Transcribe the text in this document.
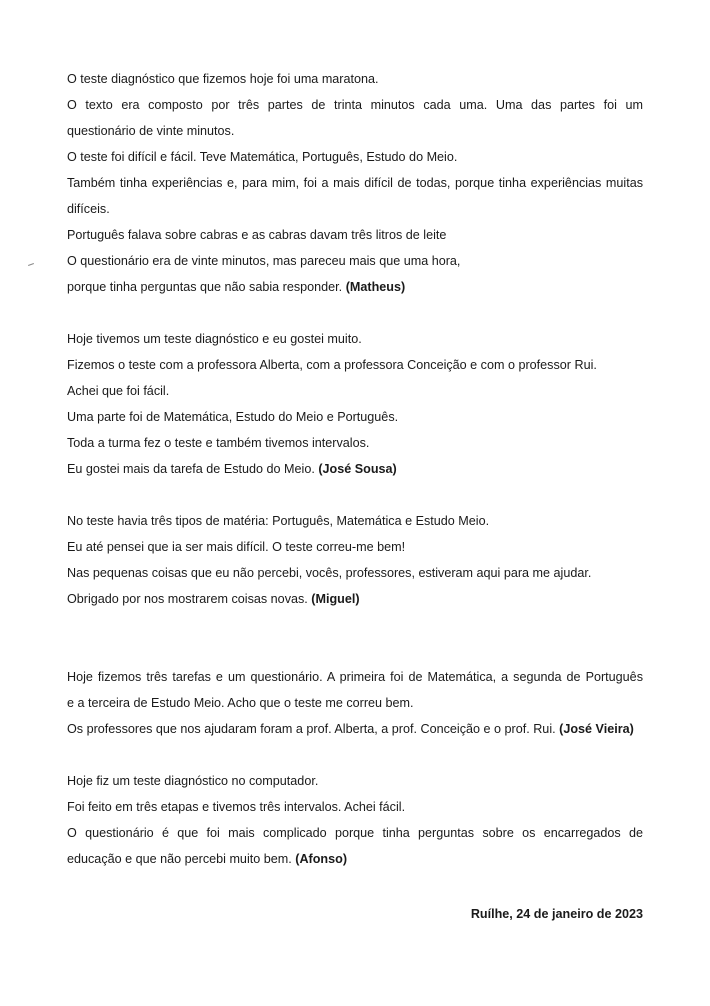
O teste diagnóstico que fizemos hoje foi uma maratona.
O texto era composto por três partes de trinta minutos cada uma. Uma das partes foi um
questionário de vinte minutos.
O teste foi difícil e fácil. Teve Matemática, Português, Estudo do Meio.
Também tinha experiências e, para mim, foi a mais difícil de todas, porque tinha experiências muitas
difíceis.
Português falava sobre cabras e as cabras davam três litros de leite
O questionário era de vinte minutos, mas pareceu mais que uma hora,
porque tinha perguntas que não sabia responder. (Matheus)
Hoje tivemos um teste diagnóstico e eu gostei muito.
Fizemos o teste com a professora Alberta, com a professora Conceição e com o professor Rui.
Achei que foi fácil.
Uma parte foi de Matemática, Estudo do Meio e Português.
Toda a turma fez o teste e também tivemos intervalos.
Eu gostei mais da tarefa de Estudo do Meio. (José Sousa)
No teste havia três tipos de matéria: Português, Matemática e Estudo Meio.
Eu até pensei que ia ser mais difícil. O teste correu-me bem!
Nas pequenas coisas que eu não percebi, vocês, professores, estiveram aqui para me ajudar.
Obrigado por nos mostrarem coisas novas. (Miguel)
Hoje fizemos três tarefas e um questionário. A primeira foi de Matemática, a segunda de Português
e a terceira de Estudo Meio. Acho que o teste me correu bem.
Os professores que nos ajudaram foram a prof. Alberta, a prof. Conceição e o prof. Rui. (José Vieira)
Hoje fiz um teste diagnóstico no computador.
Foi feito em três etapas e tivemos três intervalos. Achei fácil.
O questionário é que foi mais complicado porque tinha perguntas sobre os encarregados de
educação e que não percebi muito bem. (Afonso)
Ruílhe, 24 de janeiro de 2023
